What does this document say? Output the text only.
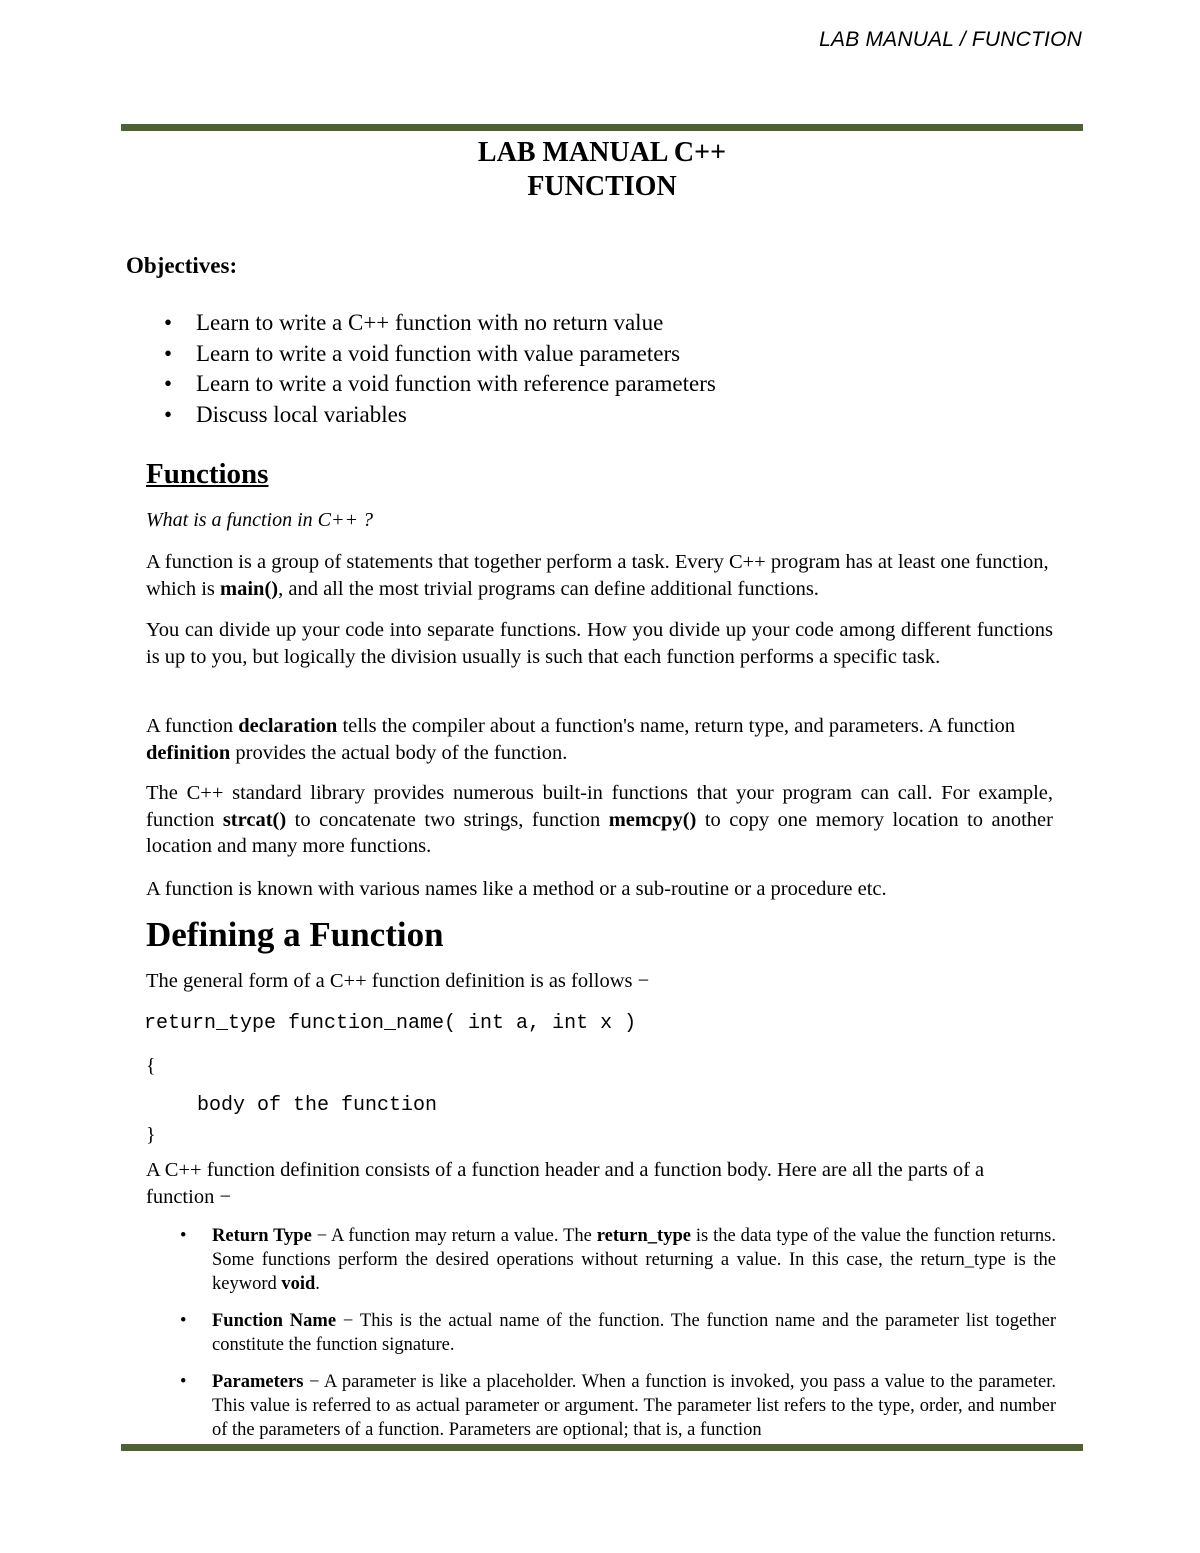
LAB MANUAL / FUNCTION
LAB MANUAL C++
FUNCTION
Objectives:
• Learn to write a C++ function with no return value
• Learn to write a void function with value parameters
• Learn to write a void function with reference parameters
• Discuss local variables
Functions
What is a function in C++ ?

A function is a group of statements that together perform a task. Every C++ program has at least one function, which is main(), and all the most trivial programs can define additional functions.

You can divide up your code into separate functions. How you divide up your code among different functions is up to you, but logically the division usually is such that each function performs a specific task.

A function declaration tells the compiler about a function's name, return type, and parameters. A function definition provides the actual body of the function.

The C++ standard library provides numerous built-in functions that your program can call. For example, function strcat() to concatenate two strings, function memcpy() to copy one memory location to another location and many more functions.

A function is known with various names like a method or a sub-routine or a procedure etc.

Defining a Function
The general form of a C++ function definition is as follows −
return_type function_name( int a, int x )
{
body of the function
}

A C++ function definition consists of a function header and a function body. Here are all the parts of a function −

• Return Type − A function may return a value. The return_type is the data type of the value the function returns. Some functions perform the desired operations without returning a value. In this case, the return_type is the keyword void.
• Function Name − This is the actual name of the function. The function name and the parameter list together constitute the function signature.
• Parameters − A parameter is like a placeholder. When a function is invoked, you pass a value to the parameter. This value is referred to as actual parameter or argument. The parameter list refers to the type, order, and number of the parameters of a function. Parameters are optional; that is, a function
